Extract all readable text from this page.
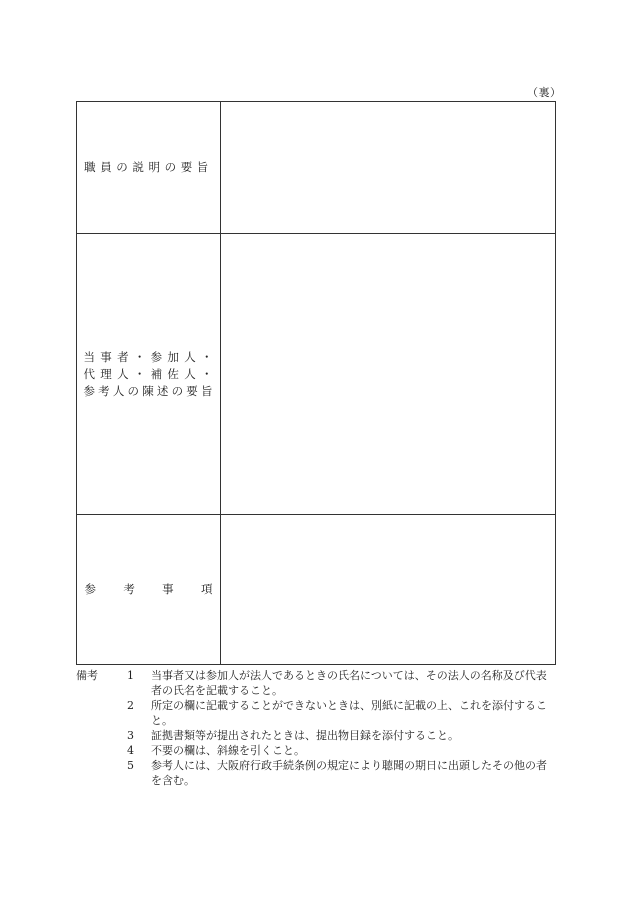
（裏）
職員の説明の要旨
当事者・参加人・
代理人・補佐人・
参考人の陳述の要旨
参 考 事 項
備考	1	当事者又は参加人が法人であるときの氏名については、その法人の名称及び代表者の氏名を記載すること。
2	所定の欄に記載することができないときは、別紙に記載の上、これを添付すること。
3	証拠書類等が提出されたときは、提出物目録を添付すること。
4	不要の欄は、斜線を引くこと。
5	参考人には、大阪府行政手続条例の規定により聴聞の期日に出頭したその他の者を含む。
